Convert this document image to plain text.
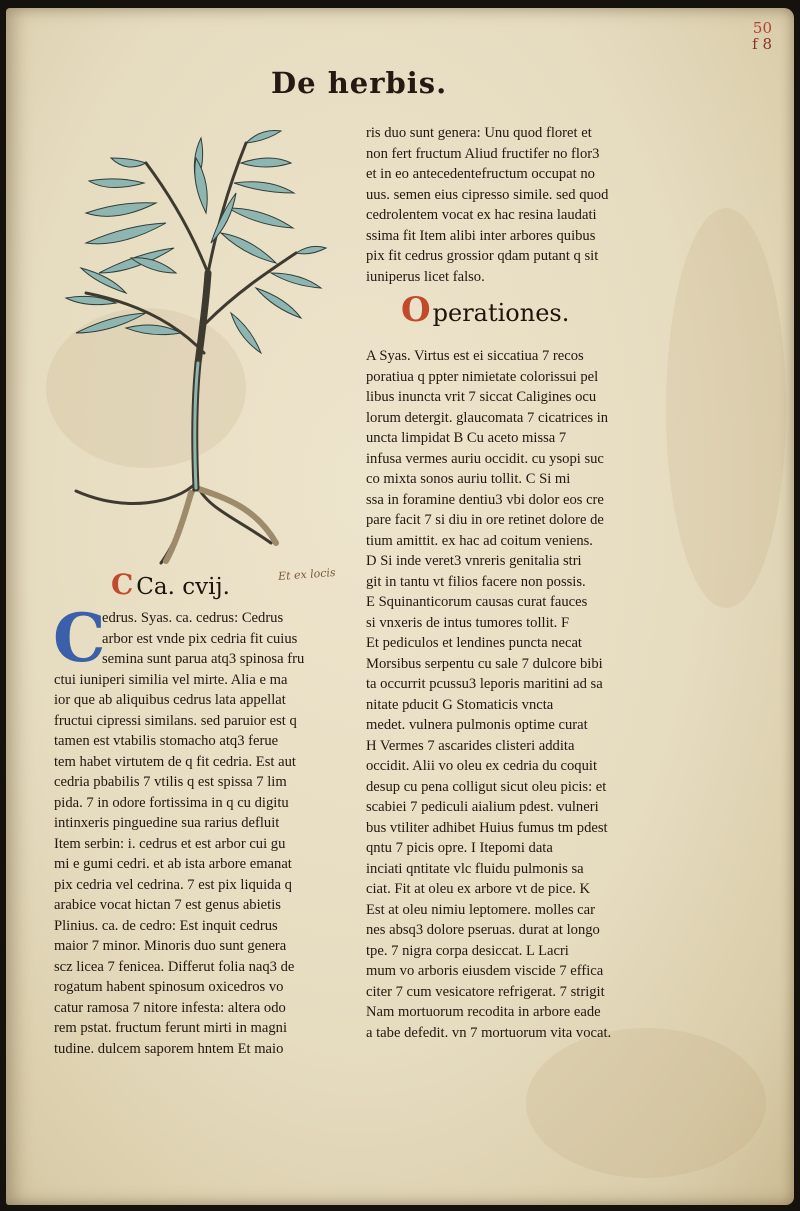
50
f 8
De herbis.
Et ex locis
C Ca. cvij.
C
edrus. Syas. ca. cedrus: Cedrus
arbor est vnde pix cedria fit cuius
semina sunt parua atq3 spinosa fru
ctui iuniperi similia vel mirte. Alia e ma
ior que ab aliquibus cedrus lata appellat
fructui cipressi similans. sed paruior est q
tamen est vtabilis stomacho atq3 ferue
tem habet virtutem de q fit cedria. Est aut
cedria pbabilis 7 vtilis q est spissa 7 lim
pida. 7 in odore fortissima in q cu digitu
intinxeris pinguedine sua rarius defluit
Item serbin: i. cedrus et est arbor cui gu
mi e gumi cedri. et ab ista arbore emanat
pix cedria vel cedrina. 7 est pix liquida q
arabice vocat hictan 7 est genus abietis
Plinius. ca. de cedro: Est inquit cedrus
maior 7 minor. Minoris duo sunt genera
scz licea 7 fenicea. Differut folia naq3 de
rogatum habent spinosum oxicedros vo
catur ramosa 7 nitore infesta: altera odo
rem pstat. fructum ferunt mirti in magni
tudine. dulcem saporem hntem Et maio
ris duo sunt genera: Unu quod floret et
non fert fructum Aliud fructifer no flor3
et in eo antecedentefructum occupat no
uus. semen eius cipresso simile. sed quod
cedrolentem vocat ex hac resina laudati
ssima fit Item alibi inter arbores quibus
pix fit cedrus grossior qdam putant q sit
iuniperus licet falso.
Operationes.
A Syas. Virtus est ei siccatiua 7 recos
poratiua q ppter nimietate colorissui pel
libus inuncta vrit 7 siccat Caligines ocu
lorum detergit. glaucomata 7 cicatrices in
uncta limpidat B Cu aceto missa 7
infusa vermes auriu occidit. cu ysopi suc
co mixta sonos auriu tollit. C Si mi
ssa in foramine dentiu3 vbi dolor eos cre
pare facit 7 si diu in ore retinet dolore de
tium amittit. ex hac ad coitum veniens.
D Si inde veret3 vnreris genitalia stri
git in tantu vt filios facere non possis.
E Squinanticorum causas curat fauces
si vnxeris de intus tumores tollit. F
Et pediculos et lendines puncta necat
Morsibus serpentu cu sale 7 dulcore bibi
ta occurrit pcussu3 leporis maritini ad sa
nitate pducit G Stomaticis vncta
medet. vulnera pulmonis optime curat
H Vermes 7 ascarides clisteri addita
occidit. Alii vo oleu ex cedria du coquit
desup cu pena colligut sicut oleu picis: et
scabiei 7 pediculi aialium pdest. vulneri
bus vtiliter adhibet Huius fumus tm pdest
qntu 7 picis opre. I Itepomi data
inciati qntitate vlc fluidu pulmonis sa
ciat. Fit at oleu ex arbore vt de pice. K
Est at oleu nimiu leptomere. molles car
nes absq3 dolore pseruas. durat at longo
tpe. 7 nigra corpa desiccat. L Lacri
mum vo arboris eiusdem viscide 7 effica
citer 7 cum vesicatore refrigerat. 7 strigit
Nam mortuorum recodita in arbore eade
a tabe defedit. vn 7 mortuorum vita vocat.
